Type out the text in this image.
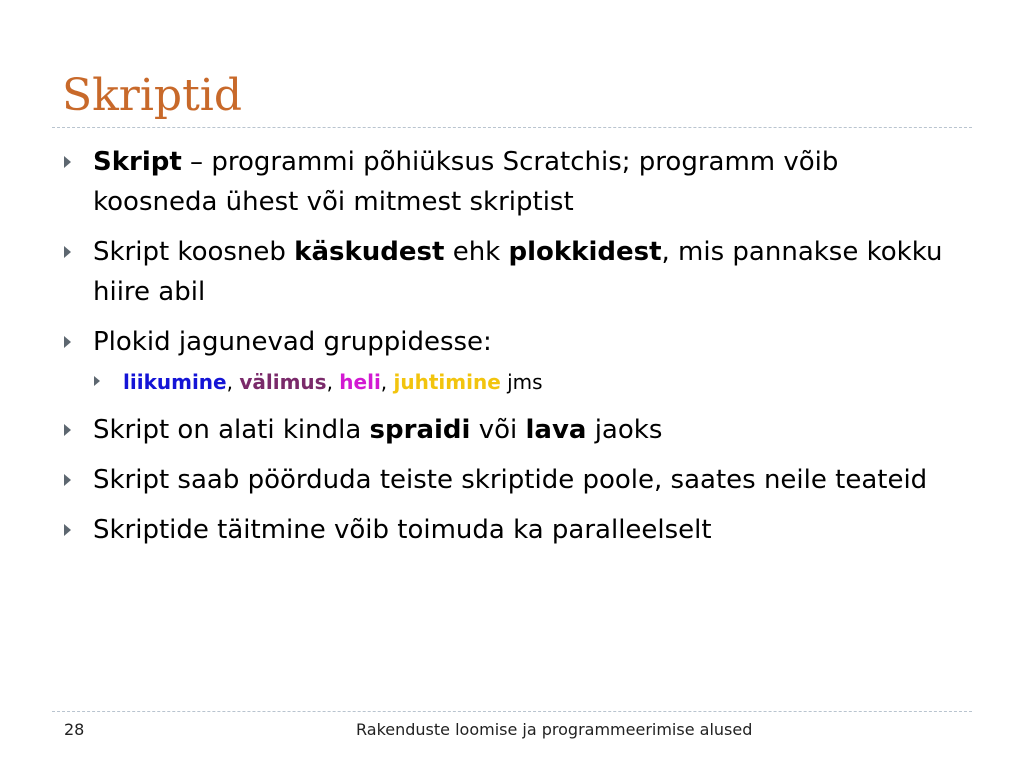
Skriptid
Skript – programmi põhiüksus Scratchis; programm võib koosneda ühest või mitmest skriptist
Skript koosneb käskudest ehk plokkidest, mis pannakse kokku hiire abil
Plokid jagunevad gruppidesse:
liikumine, välimus, heli, juhtimine jms
Skript on alati kindla spraidi või lava jaoks
Skript saab pöörduda teiste skriptide poole, saates neile teateid
Skriptide täitmine võib toimuda ka paralleelselt
28	Rakenduste loomise ja programmeerimise alused
